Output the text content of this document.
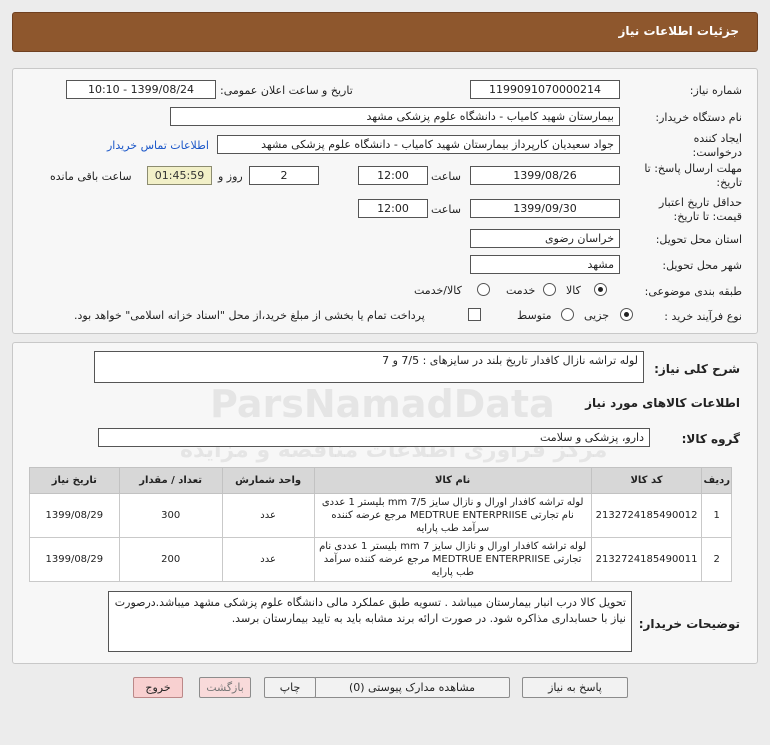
جزئیات اطلاعات نیاز
شماره نیاز:
1199091070000214
تاریخ و ساعت اعلان عمومی:
1399/08/24 - 10:10
نام دستگاه خریدار:
بیمارستان شهید کامیاب - دانشگاه علوم پزشکی مشهد
ایجاد کننده درخواست:
جواد سعیدیان کارپرداز بیمارستان شهید کامیاب - دانشگاه علوم پزشکی مشهد
اطلاعات تماس خریدار
مهلت ارسال پاسخ: تا تاریخ:
1399/08/26
ساعت
12:00
2
روز و
01:45:59
ساعت باقی مانده
حداقل تاریخ اعتبار قیمت: تا تاریخ:
1399/09/30
ساعت
12:00
استان محل تحویل:
خراسان رضوی
شهر محل تحویل:
مشهد
طبقه بندی موضوعی:
کالا
خدمت
کالا/خدمت
نوع فرآیند خرید :
جزیی
متوسط
پرداخت تمام یا بخشی از مبلغ خرید،از محل "اسناد خزانه اسلامی" خواهد بود.
شرح کلی نیاز:
لوله تراشه نازال کافدار تاریخ بلند در سایزهای : 7/5 و 7
اطلاعات کالاهای مورد نیاز
گروه کالا:
دارو، پزشکی و سلامت
ردیف	کد کالا	نام کالا	واحد شمارش	تعداد / مقدار	تاریخ نیاز
1	2132724185490012	لوله تراشه کافدار اورال و نازال سایز mm 7/5 بلیستر 1 عددی نام تجارتی MEDTRUE ENTERPRIISE مرجع عرضه کننده سرآمد طب پارایه	عدد	300	1399/08/29
2	2132724185490011	لوله تراشه کافدار اورال و نازال سایز mm 7 بلیستر 1 عددی نام تجارتی MEDTRUE ENTERPRIISE مرجع عرضه کننده سرآمد طب پارایه	عدد	200	1399/08/29
توضیحات خریدار:
تحویل کالا درب انبار بیمارستان میباشد . تسویه طبق عملکرد مالی دانشگاه علوم پزشکی مشهد میباشد.درصورت نیاز با حسابداری مذاکره شود. در صورت ارائه برند مشابه باید به تایید بیمارستان برسد.
پاسخ به نیاز
مشاهده مدارک پیوستی (0)
چاپ
بازگشت
خروج
